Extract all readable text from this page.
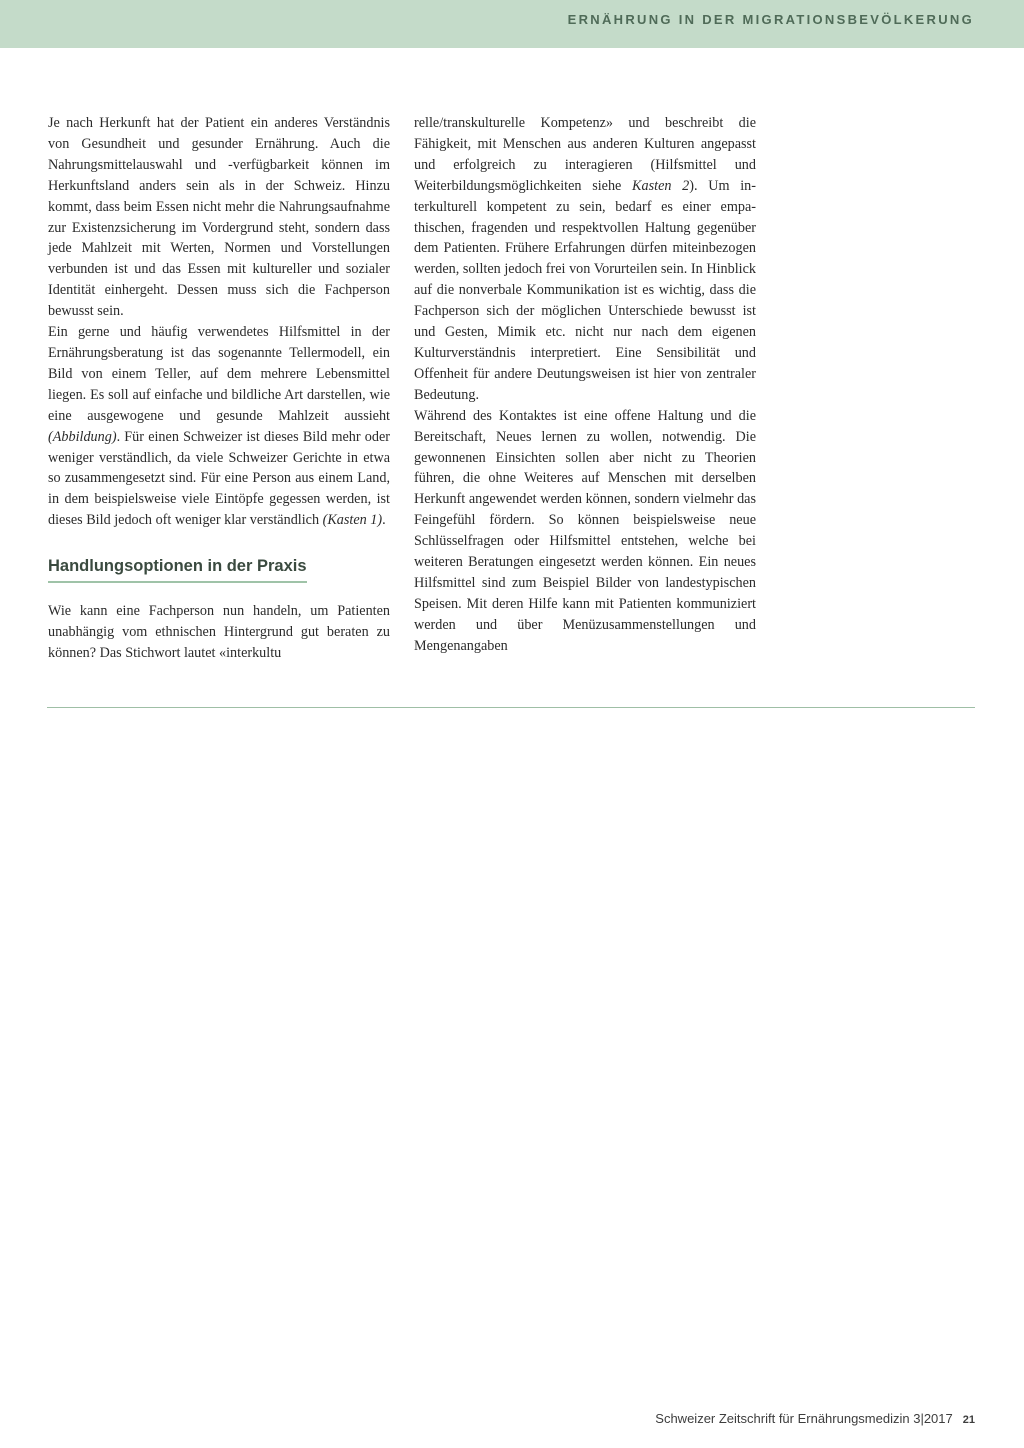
ERNÄHRUNG IN DER MIGRATIONSBEVÖLKERUNG

Je nach Herkunft hat der Patient ein anderes Verständnis von Gesundheit und gesunder Ernährung. Auch die Nahrungsmittelauswahl und -verfügbarkeit können im Herkunftsland anders sein als in der Schweiz. Hinzu kommt, dass beim Essen nicht mehr die Nahrungsaufnahme zur Existenzsicherung im Vordergrund steht, sondern dass jede Mahlzeit mit Werten, Normen und Vorstellungen verbunden ist und das Essen mit kultureller und sozialer Identität einhergeht. Dessen muss sich die Fachperson bewusst sein.

Ein gerne und häufig verwendetes Hilfsmittel in der Ernährungsberatung ist das sogenannte Tellermodell, ein Bild von einem Teller, auf dem mehrere Lebensmittel liegen. Es soll auf einfache und bildliche Art darstellen, wie eine ausgewogene und gesunde Mahlzeit aussieht (Abbildung). Für einen Schweizer ist dieses Bild mehr oder weniger verständlich, da viele Schweizer Gerichte in etwa so zusammengesetzt sind. Für eine Person aus einem Land, in dem beispielsweise viele Eintöpfe gegessen werden, ist dieses Bild jedoch oft weniger klar verständlich (Kasten 1).

Handlungsoptionen in der Praxis

Wie kann eine Fachperson nun handeln, um Patienten unabhängig vom ethnischen Hintergrund gut beraten zu können? Das Stichwort lautet «interkultu

relle/transkulturelle Kompetenz» und beschreibt die Fähigkeit, mit Menschen aus anderen Kulturen angepasst und erfolgreich zu interagieren (Hilfsmittel und Weiterbildungsmöglichkeiten siehe Kasten 2). Um interkulturell kompetent zu sein, bedarf es einer empathischen, fragenden und respektvollen Haltung gegenüber dem Patienten. Frühere Erfahrungen dürfen miteinbezogen werden, sollten jedoch frei von Vorurteilen sein. In Hinblick auf die nonverbale Kommunikation ist es wichtig, dass die Fachperson sich der möglichen Unterschiede bewusst ist und Gesten, Mimik etc. nicht nur nach dem eigenen Kulturverständnis interpretiert. Eine Sensibilität und Offenheit für andere Deutungsweisen ist hier von zentraler Bedeutung.

Während des Kontaktes ist eine offene Haltung und die Bereitschaft, Neues lernen zu wollen, notwendig. Die gewonnenen Einsichten sollen aber nicht zu Theorien führen, die ohne Weiteres auf Menschen mit derselben Herkunft angewendet werden können, sondern vielmehr das Feingefühl fördern. So können beispielsweise neue Schlüsselfragen oder Hilfsmittel entstehen, welche bei weiteren Beratungen eingesetzt werden können. Ein neues Hilfsmittel sind zum Beispiel Bilder von landestypischen Speisen. Mit deren Hilfe kann mit Patienten kommuniziert werden und über Menüzusammenstellungen und Mengenangaben

Schweizer Zeitschrift für Ernährungsmedizin 3|2017 21
